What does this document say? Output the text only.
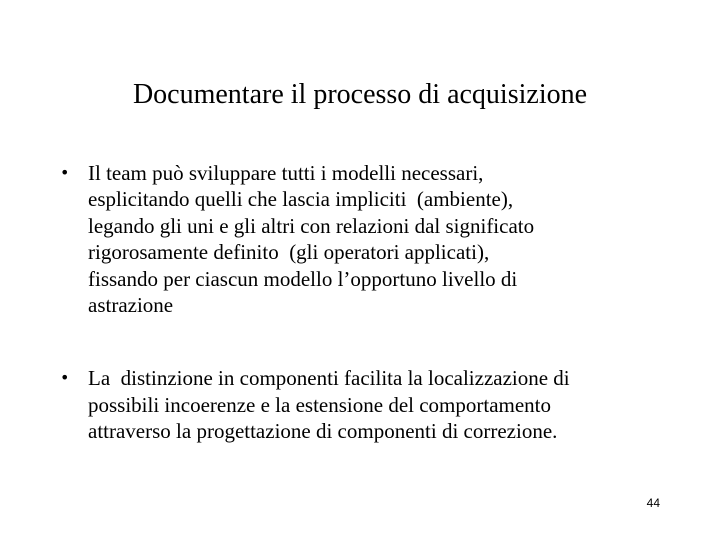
Documentare il processo di acquisizione
• Il team può sviluppare tutti i modelli necessari,
esplicitando quelli che lascia impliciti  (ambiente),
legando gli uni e gli altri con relazioni dal significato
rigorosamente definito  (gli operatori applicati),
fissando per ciascun modello l’opportuno livello di
astrazione
• La  distinzione in componenti facilita la localizzazione di
possibili incoerenze e la estensione del comportamento
attraverso la progettazione di componenti di correzione.
44
